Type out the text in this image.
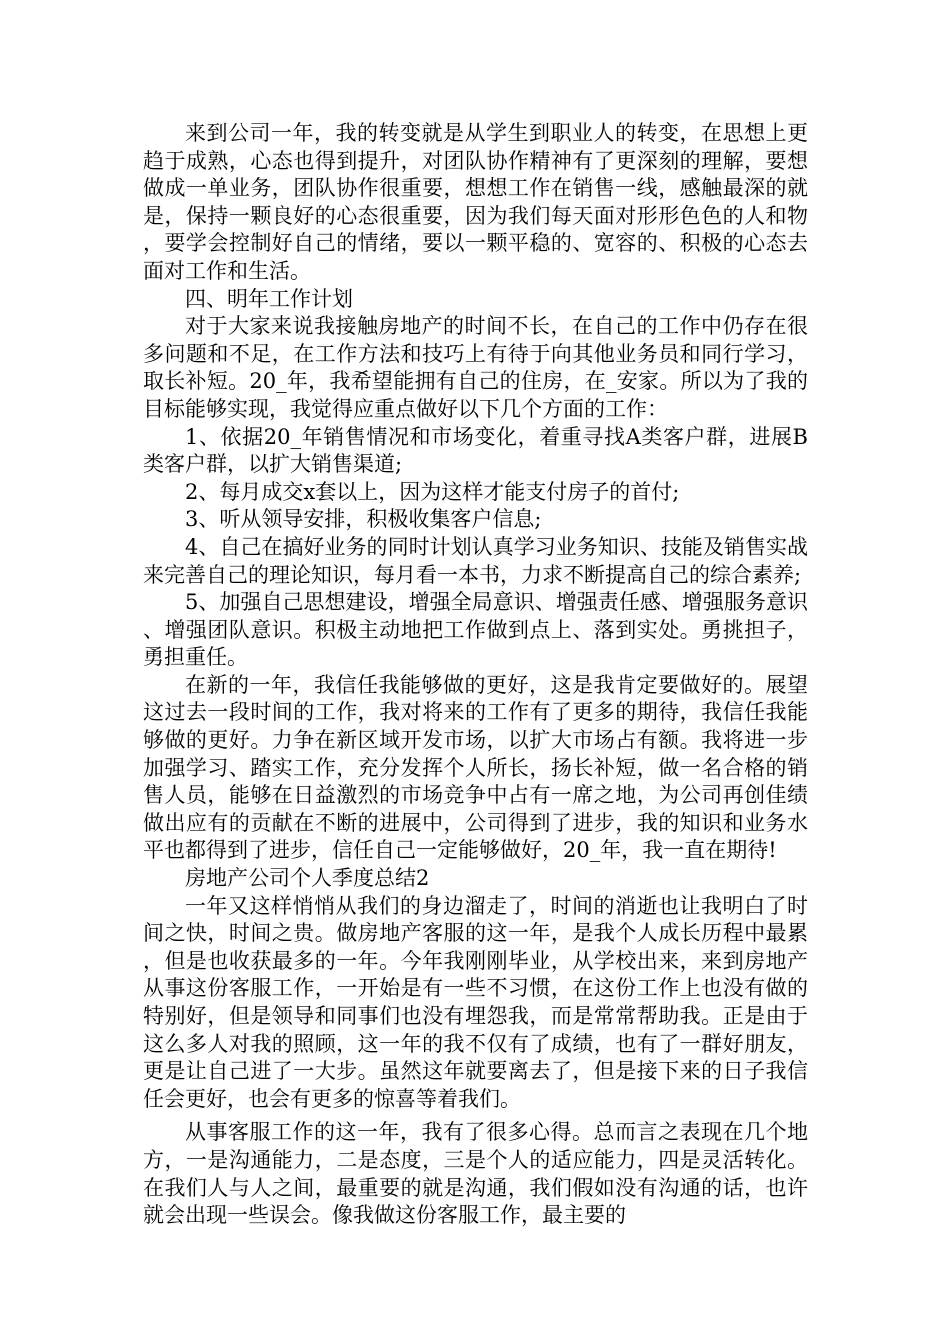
来到公司一年，我的转变就是从学生到职业人的转变，在思想上更趋于成熟，心态也得到提升，对团队协作精神有了更深刻的理解，要想做成一单业务，团队协作很重要，想想工作在销售一线，感触最深的就是，保持一颗良好的心态很重要，因为我们每天面对形形色色的人和物，要学会控制好自己的情绪，要以一颗平稳的、宽容的、积极的心态去面对工作和生活。

四、明年工作计划

对于大家来说我接触房地产的时间不长，在自己的工作中仍存在很多问题和不足，在工作方法和技巧上有待于向其他业务员和同行学习，取长补短。20_年，我希望能拥有自己的住房，在_安家。所以为了我的目标能够实现，我觉得应重点做好以下几个方面的工作：

1、依据20_年销售情况和市场变化，着重寻找A类客户群，进展B类客户群，以扩大销售渠道;

2、每月成交x套以上，因为这样才能支付房子的首付;

3、听从领导安排，积极收集客户信息;

4、自己在搞好业务的同时计划认真学习业务知识、技能及销售实战来完善自己的理论知识，每月看一本书，力求不断提高自己的综合素养;

5、加强自己思想建设，增强全局意识、增强责任感、增强服务意识、增强团队意识。积极主动地把工作做到点上、落到实处。勇挑担子，勇担重任。

在新的一年，我信任我能够做的更好，这是我肯定要做好的。展望这过去一段时间的工作，我对将来的工作有了更多的期待，我信任我能够做的更好。力争在新区域开发市场，以扩大市场占有额。我将进一步加强学习、踏实工作，充分发挥个人所长，扬长补短，做一名合格的销售人员，能够在日益激烈的市场竞争中占有一席之地，为公司再创佳绩做出应有的贡献在不断的进展中，公司得到了进步，我的知识和业务水平也都得到了进步，信任自己一定能够做好，20_年，我一直在期待!

房地产公司个人季度总结2

一年又这样悄悄从我们的身边溜走了，时间的消逝也让我明白了时间之快，时间之贵。做房地产客服的这一年，是我个人成长历程中最累，但是也收获最多的一年。今年我刚刚毕业，从学校出来，来到房地产从事这份客服工作，一开始是有一些不习惯，在这份工作上也没有做的特别好，但是领导和同事们也没有埋怨我，而是常常帮助我。正是由于这么多人对我的照顾，这一年的我不仅有了成绩，也有了一群好朋友，更是让自己进了一大步。虽然这年就要离去了，但是接下来的日子我信任会更好，也会有更多的惊喜等着我们。

从事客服工作的这一年，我有了很多心得。总而言之表现在几个地方，一是沟通能力，二是态度，三是个人的适应能力，四是灵活转化。在我们人与人之间，最重要的就是沟通，我们假如没有沟通的话，也许就会出现一些误会。像我做这份客服工作，最主要的
